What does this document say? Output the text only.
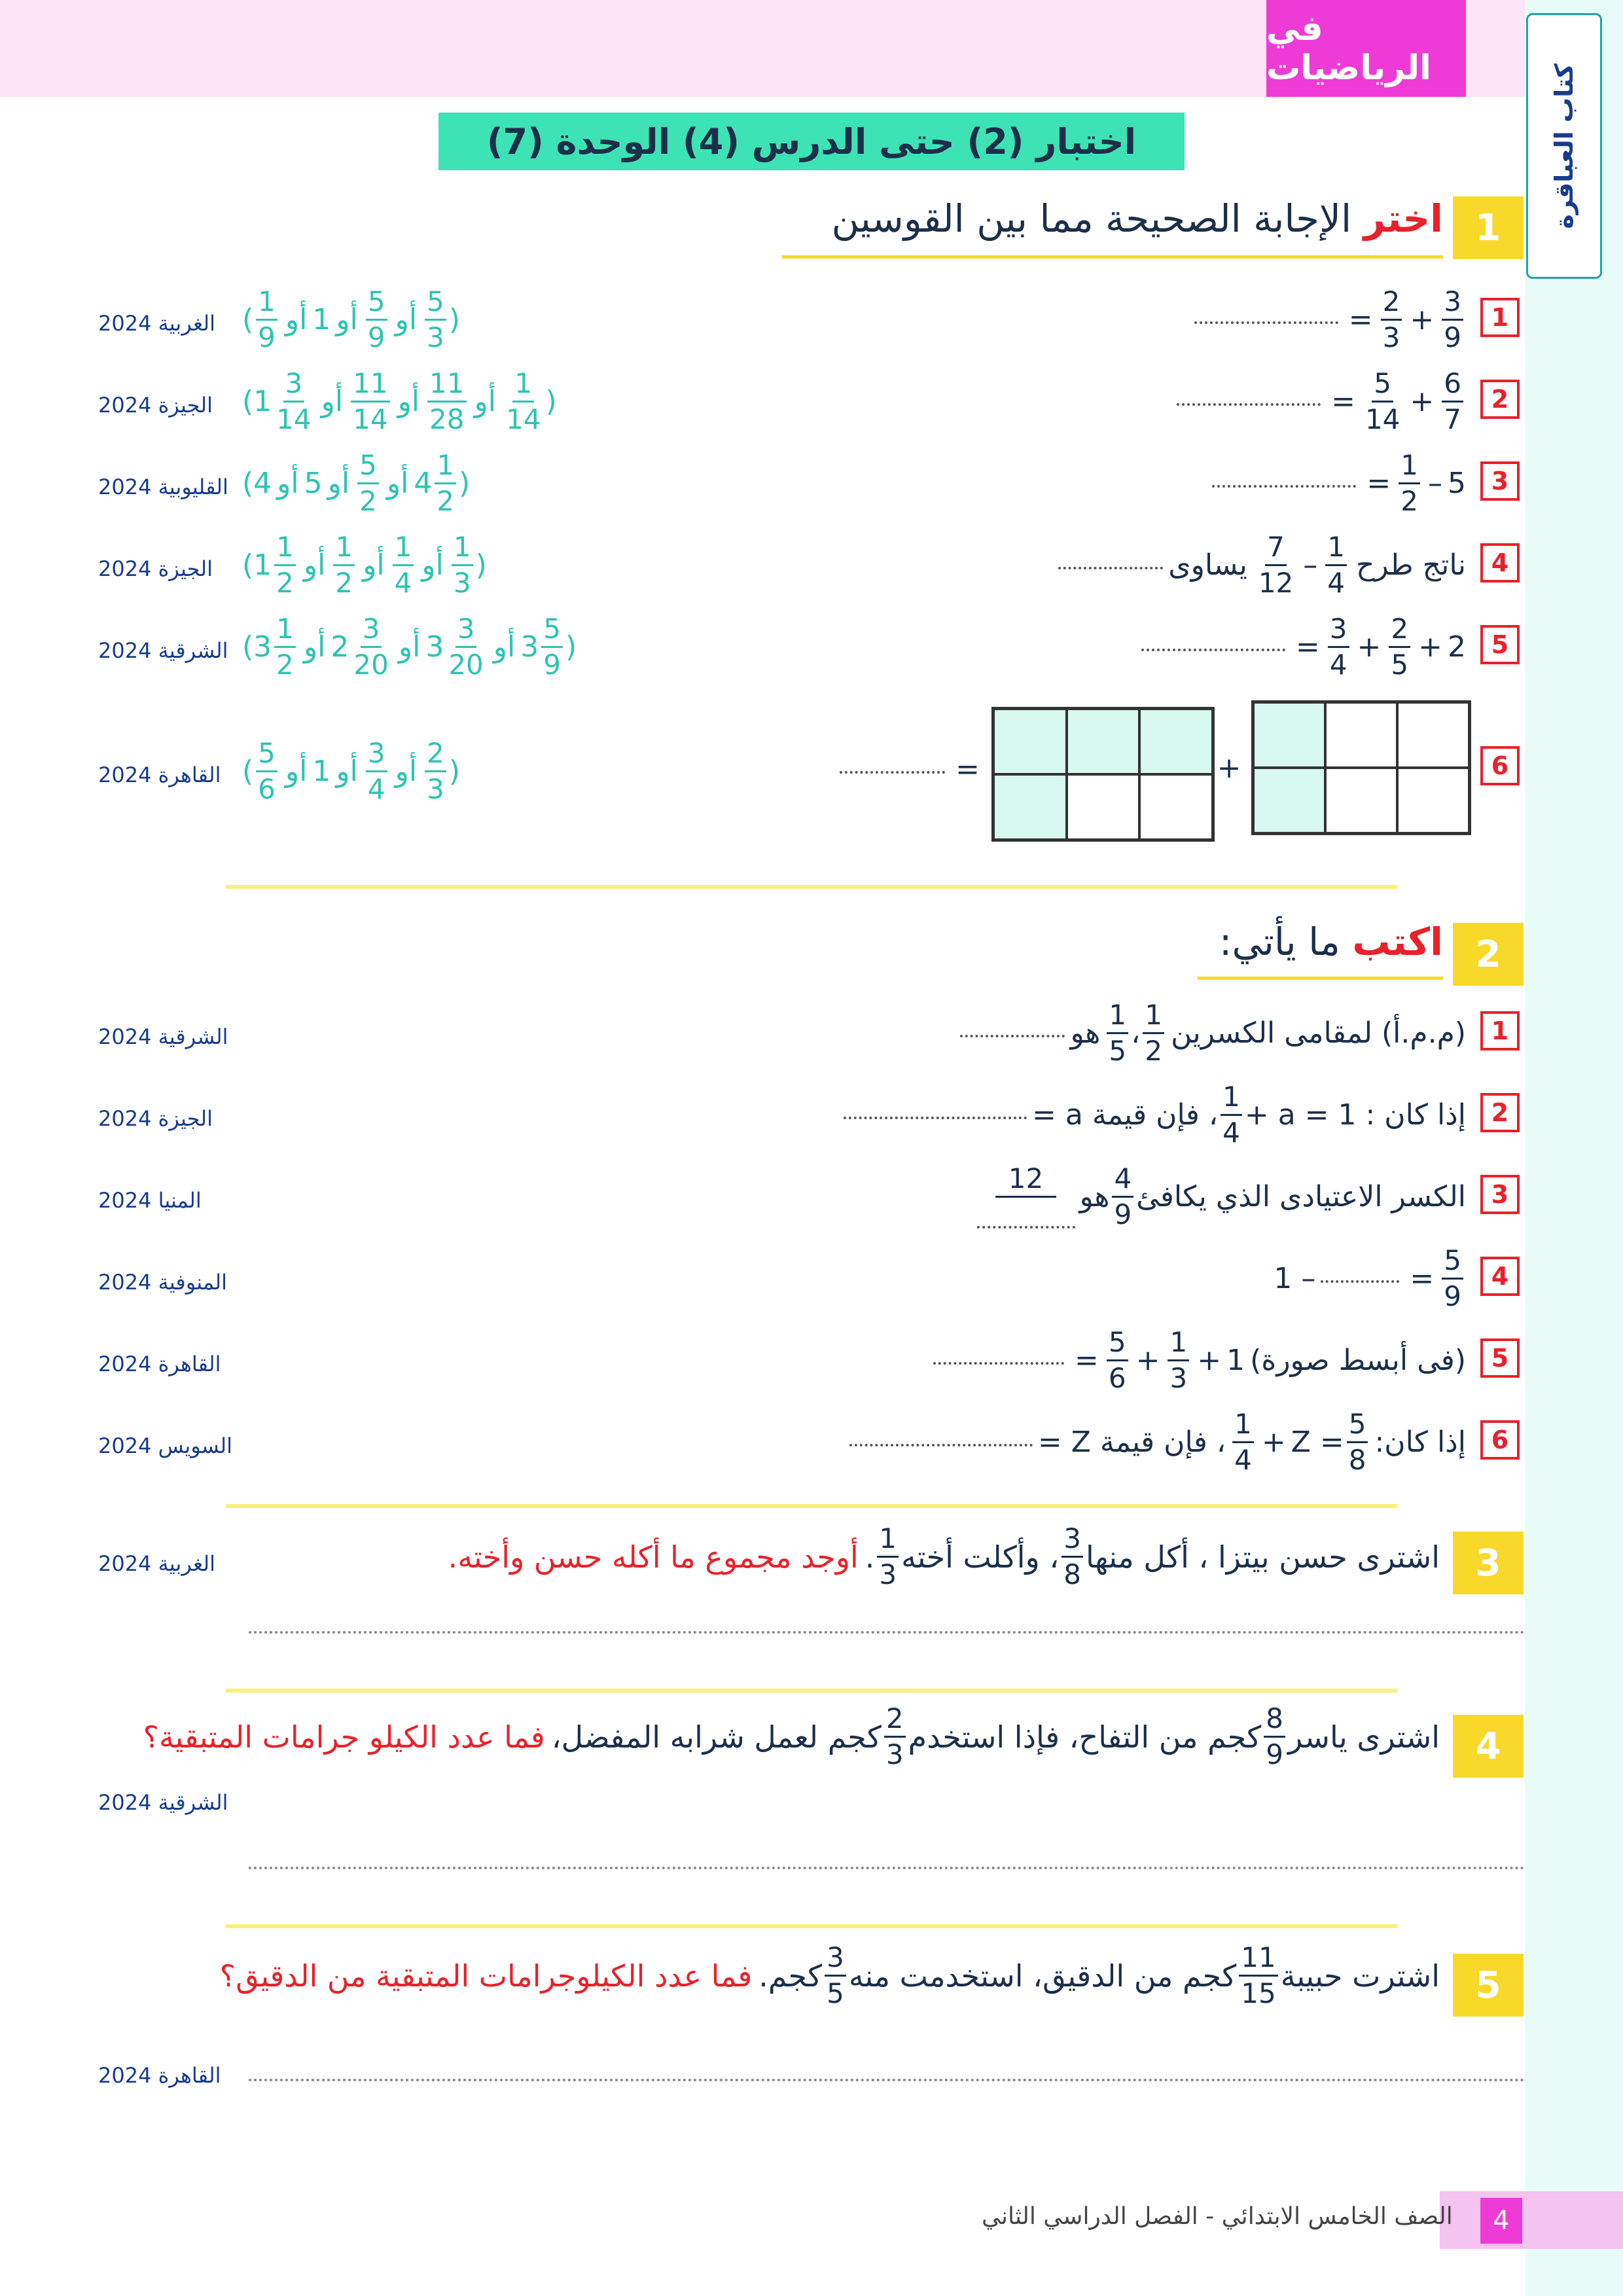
في الرياضيات	كتاب العباقرة
اختبار (2) حتى الدرس (4) الوحدة (7)
1
اختر الإجابة الصحيحة مما بين القوسين
1
= $\frac{2}{3} + \frac{3}{9}$
( $\frac{1}{9}$ أو 1 أو $\frac{5}{9}$ أو $\frac{5}{3}$ )
الغربية 2024
2
= $\frac{5}{14} + \frac{6}{7}$
( $1 \frac{3}{14}$ أو $\frac{11}{14}$ أو $\frac{11}{28}$ أو $\frac{1}{14}$ )
الجيزة 2024
3
= $\frac{1}{2} - 5$
( 4 أو 5 أو $\frac{5}{2}$ أو $4 \frac{1}{2}$ )
القليوبية 2024
4
ناتج طرح
$\frac{7}{12} - \frac{1}{4}$
يساوى
( $1 \frac{1}{2}$ أو $\frac{1}{2}$ أو $\frac{1}{4}$ أو $\frac{1}{3}$ )
الجيزة 2024
5
= $\frac{3}{4} + \frac{2}{5} + 2$
( $3 \frac{1}{2}$ أو $2 \frac{3}{20}$ أو $3 \frac{3}{20}$ أو $3 \frac{5}{9}$ )
الشرقية 2024
6
+
=
( $\frac{5}{6}$ أو 1 أو $\frac{3}{4}$ أو $\frac{2}{3}$ )
القاهرة 2024
2
اكتب ما يأتي:
1
(م.م.أ) لمقامى الكسرين
$\frac{1}{5}$ ، $\frac{1}{2}$
هو
الشرقية 2024
2
إذا كان : 1 = a +
$\frac{1}{4}$
، فإن قيمة a =
الجيزة 2024
3
الكسر الاعتيادى الذي يكافئ
$\frac{4}{9}$
هو
12
المنيا 2024
4
1 –	= $\frac{5}{9}$
المنوفية 2024
5
(فى أبسط صورة)
= $\frac{5}{6} + \frac{1}{3} + 1$
القاهرة 2024
6
إذا كان:
$\frac{1}{4} + Z = \frac{5}{8}$
، فإن قيمة Z =
السويس 2024
3
اشترى حسن بيتزا ، أكل منها
$\frac{3}{8}$
، وأكلت أخته
$\frac{1}{3}$
.
أوجد مجموع ما أكله حسن وأخته.
الغربية 2024
4
اشترى ياسر
$\frac{8}{9}$
كجم من التفاح، فإذا استخدم
$\frac{2}{3}$
كجم لعمل شرابه المفضل،
فما عدد الكيلو جرامات المتبقية؟
الشرقية 2024
5
اشترت حبيبة
$\frac{11}{15}$
كجم من الدقيق، استخدمت منه
$\frac{3}{5}$
كجم.
فما عدد الكيلوجرامات المتبقية من الدقيق؟
القاهرة 2024
4
الصف الخامس الابتدائي - الفصل الدراسي الثاني
